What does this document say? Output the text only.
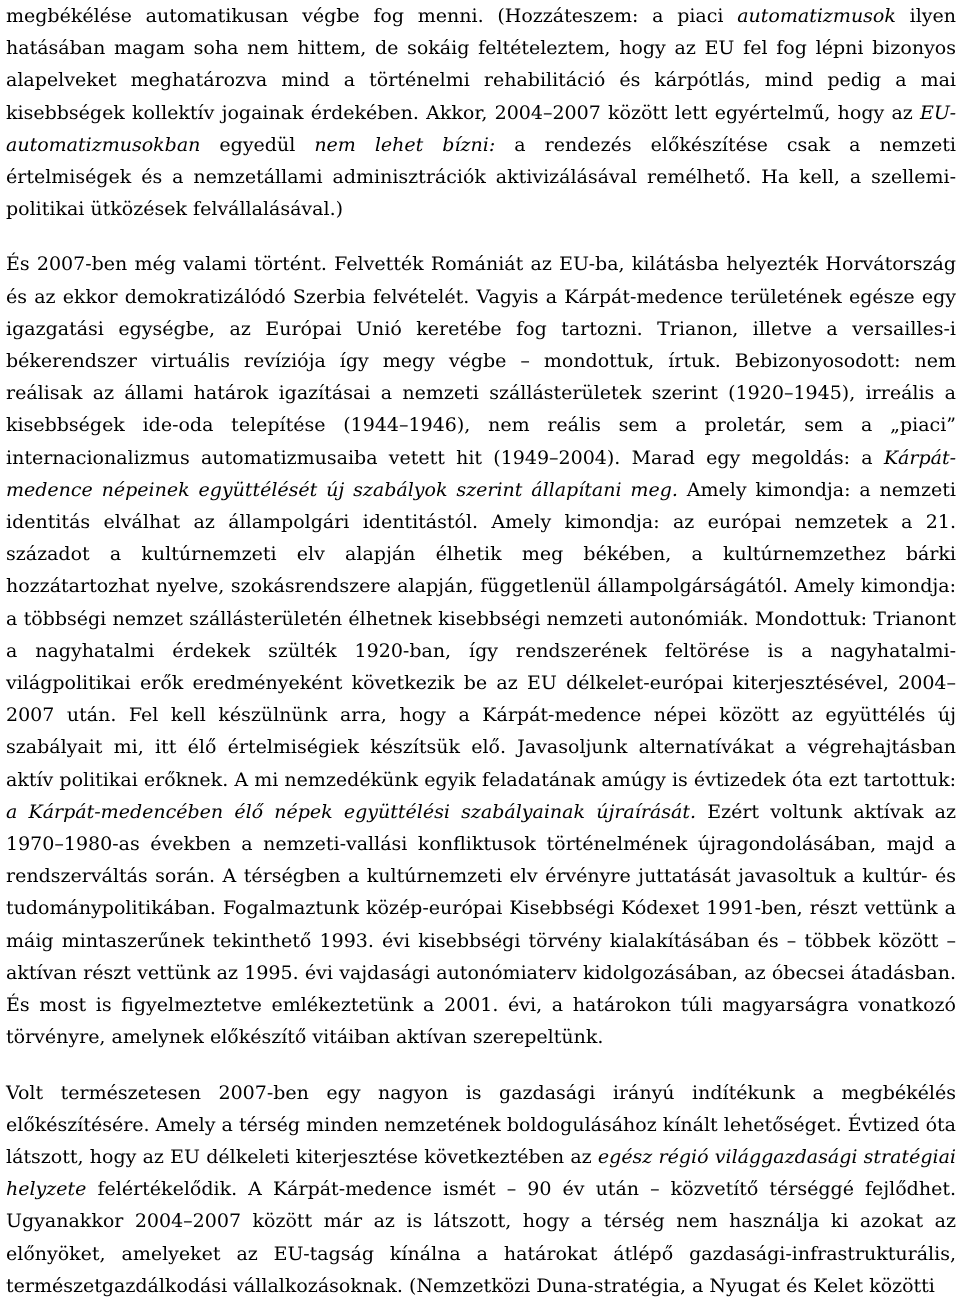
megbékélése automatikusan végbe fog menni. (Hozzáteszem: a piaci automatizmusok ilyen hatásában magam soha nem hittem, de sokáig feltételeztem, hogy az EU fel fog lépni bizonyos alapelveket meghatározva mind a történelmi rehabilitáció és kárpótlás, mind pedig a mai kisebbségek kollektív jogainak érdekében. Akkor, 2004–2007 között lett egyértelmű, hogy az EU-automatizmusokban egyedül nem lehet bízni: a rendezés előkészítése csak a nemzeti értelmiségek és a nemzetállami adminisztrációk aktivizálásával remélhető. Ha kell, a szellemi-politikai ütközések felvállalásával.)

És 2007-ben még valami történt. Felvették Romániát az EU-ba, kilátásba helyezték Horvátország és az ekkor demokratizálódó Szerbia felvételét. Vagyis a Kárpát-medence területének egésze egy igazgatási egységbe, az Európai Unió keretébe fog tartozni. Trianon, illetve a versailles-i békerendszer virtuális revíziója így megy végbe – mondottuk, írtuk. Bebizonyosodott: nem reálisak az állami határok igazításai a nemzeti szállásterületek szerint (1920–1945), irreális a kisebbségek ide-oda telepítése (1944–1946), nem reális sem a proletár, sem a „piaci” internacionalizmus automatizmusaiba vetett hit (1949–2004). Marad egy megoldás: a Kárpát-medence népeinek együttélését új szabályok szerint állapítani meg. Amely kimondja: a nemzeti identitás elválhat az állampolgári identitástól. Amely kimondja: az európai nemzetek a 21. századot a kultúrnemzeti elv alapján élhetik meg békében, a kultúrnemzethez bárki hozzátartozhat nyelve, szokásrendszere alapján, függetlenül állampolgárságától. Amely kimondja: a többségi nemzet szállásterületén élhetnek kisebbségi nemzeti autonómiák. Mondottuk: Trianont a nagyhatalmi érdekek szülték 1920-ban, így rendszerének feltörése is a nagyhatalmi-világpolitikai erők eredményeként következik be az EU délkelet-európai kiterjesztésével, 2004–2007 után. Fel kell készülnünk arra, hogy a Kárpát-medence népei között az együttélés új szabályait mi, itt élő értelmiségiek készítsük elő. Javasoljunk alternatívákat a végrehajtásban aktív politikai erőknek. A mi nemzedékünk egyik feladatának amúgy is évtizedek óta ezt tartottuk: a Kárpát-medencében élő népek együttélési szabályainak újraírását. Ezért voltunk aktívak az 1970–1980-as években a nemzeti-vallási konfliktusok történelmének újragondolásában, majd a rendszerváltás során. A térségben a kultúrnemzeti elv érvényre juttatását javasoltuk a kultúr- és tudománypolitikában. Fogalmaztunk közép-európai Kisebbségi Kódexet 1991-ben, részt vettünk a máig mintaszerűnek tekinthető 1993. évi kisebbségi törvény kialakításában és – többek között – aktívan részt vettünk az 1995. évi vajdasági autonómiaterv kidolgozásában, az óbecsei átadásban. És most is figyelmeztetve emlékeztetünk a 2001. évi, a határokon túli magyarságra vonatkozó törvényre, amelynek előkészítő vitáiban aktívan szerepeltünk.

Volt természetesen 2007-ben egy nagyon is gazdasági irányú indítékunk a megbékélés előkészítésére. Amely a térség minden nemzetének boldogulásához kínált lehetőséget. Évtized óta látszott, hogy az EU délkeleti kiterjesztése következtében az egész régió világgazdasági stratégiai helyzete felértékelődik. A Kárpát-medence ismét – 90 év után – közvetítő térséggé fejlődhet. Ugyanakkor 2004–2007 között már az is látszott, hogy a térség nem használja ki azokat az előnyöket, amelyeket az EU-tagság kínálna a határokat átlépő gazdasági-infrastrukturális, természetgazdálkodási vállalkozásoknak. (Nemzetközi Duna-stratégia, a Nyugat és Kelet közötti
